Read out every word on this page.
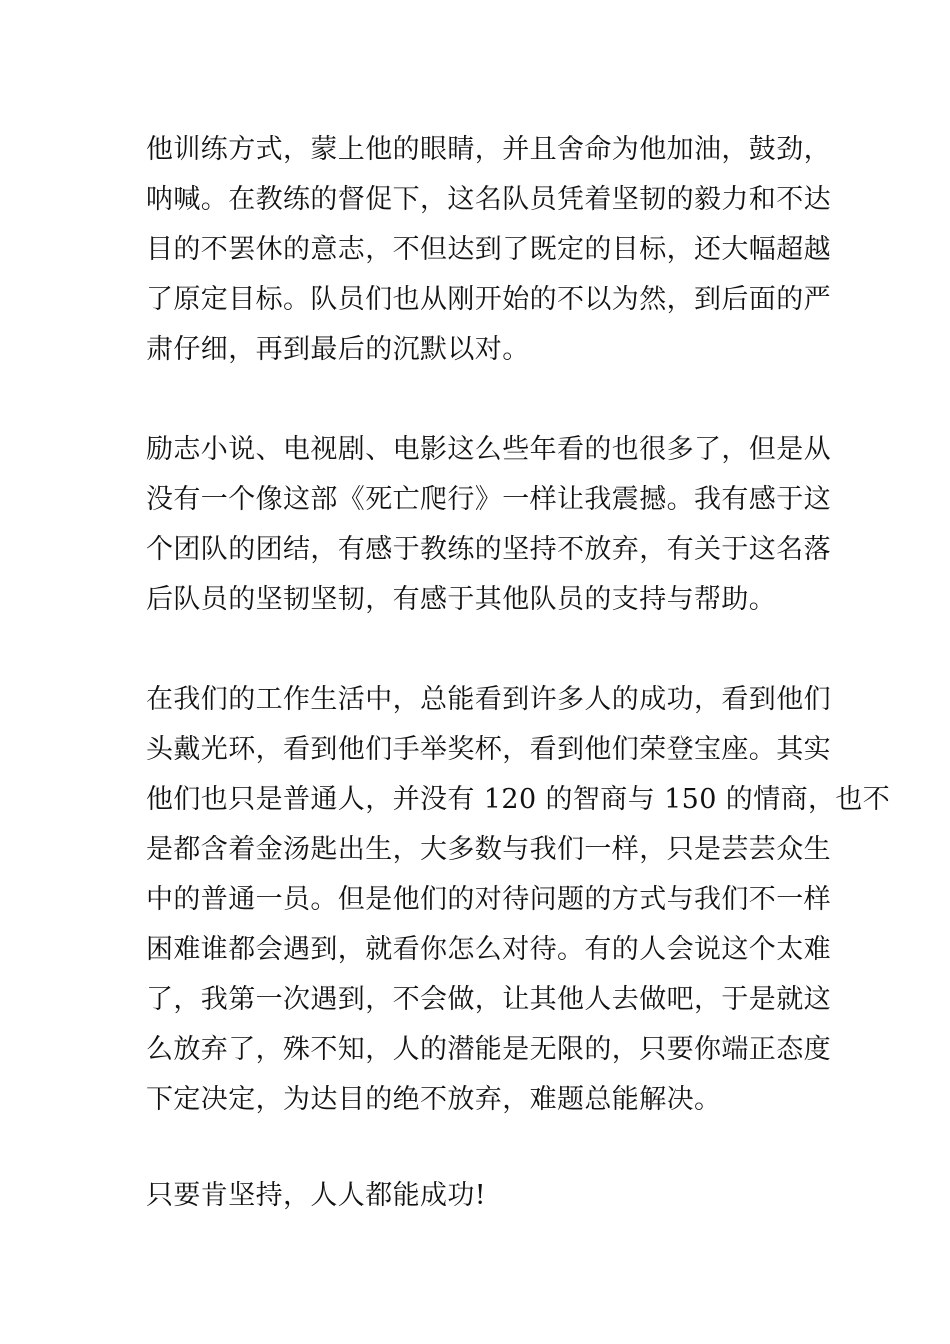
他训练方式，蒙上他的眼睛，并且舍命为他加油，鼓劲，
呐喊。在教练的督促下，这名队员凭着坚韧的毅力和不达
目的不罢休的意志，不但达到了既定的目标，还大幅超越
了原定目标。队员们也从刚开始的不以为然，到后面的严
肃仔细，再到最后的沉默以对。
励志小说、电视剧、电影这么些年看的也很多了，但是从
没有一个像这部《死亡爬行》一样让我震撼。我有感于这
个团队的团结，有感于教练的坚持不放弃，有关于这名落
后队员的坚韧坚韧，有感于其他队员的支持与帮助。
在我们的工作生活中，总能看到许多人的成功，看到他们
头戴光环，看到他们手举奖杯，看到他们荣登宝座。其实
他们也只是普通人，并没有 120 的智商与 150 的情商，也不
是都含着金汤匙出生，大多数与我们一样，只是芸芸众生
中的普通一员。但是他们的对待问题的方式与我们不一样
困难谁都会遇到，就看你怎么对待。有的人会说这个太难
了，我第一次遇到，不会做，让其他人去做吧，于是就这
么放弃了，殊不知，人的潜能是无限的，只要你端正态度
下定决定，为达目的绝不放弃，难题总能解决。
只要肯坚持，人人都能成功!
